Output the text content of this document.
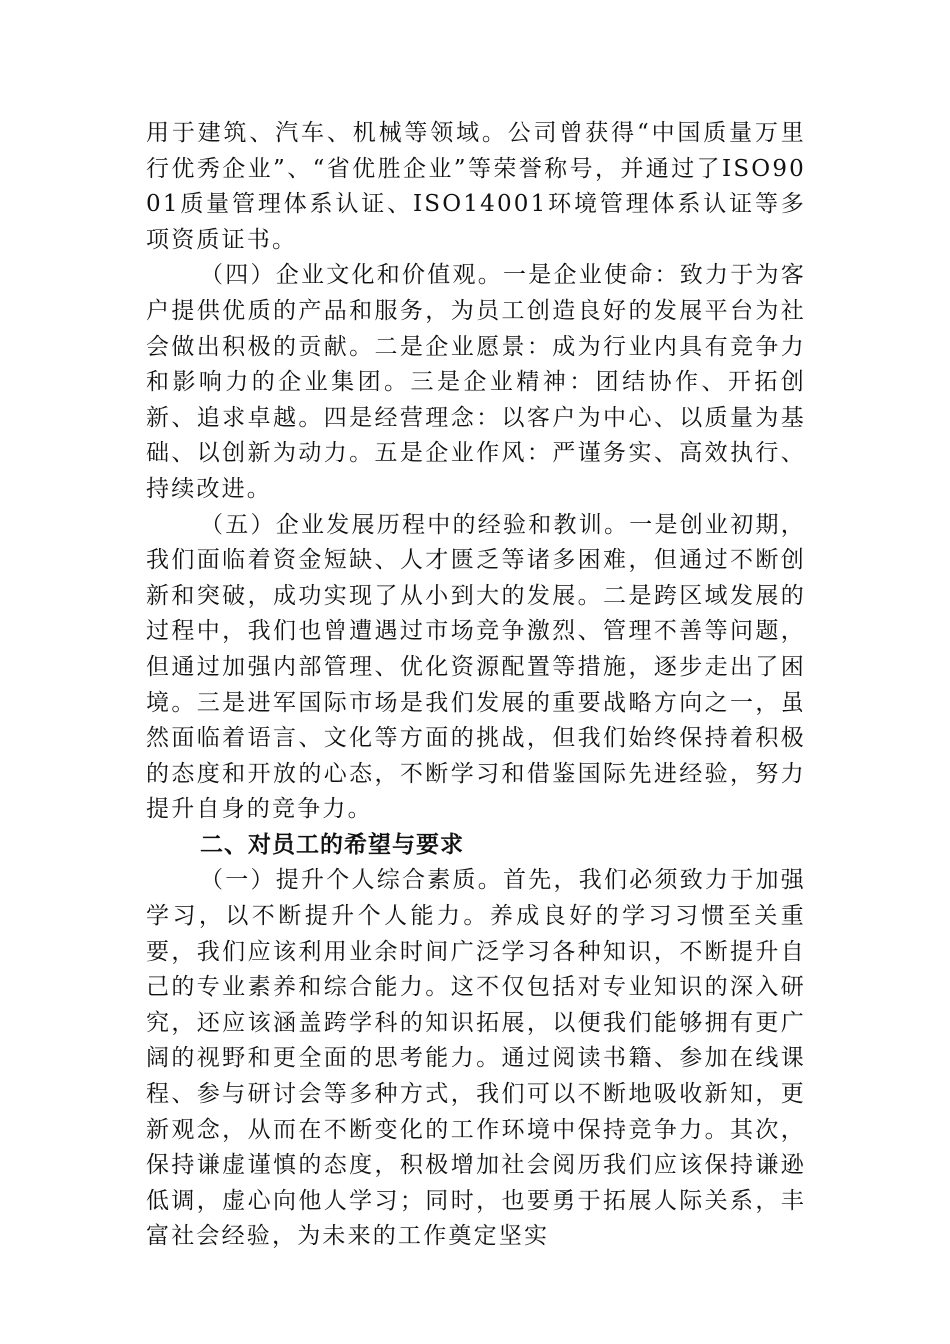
用于建筑、汽车、机械等领域。公司曾获得“中国质量万里行优秀企业”、“省优胜企业”等荣誉称号，并通过了ISO9001质量管理体系认证、ISO14001环境管理体系认证等多项资质证书。

（四）企业文化和价值观。一是企业使命：致力于为客户提供优质的产品和服务，为员工创造良好的发展平台为社会做出积极的贡献。二是企业愿景：成为行业内具有竞争力和影响力的企业集团。三是企业精神：团结协作、开拓创新、追求卓越。四是经营理念：以客户为中心、以质量为基础、以创新为动力。五是企业作风：严谨务实、高效执行、持续改进。

（五）企业发展历程中的经验和教训。一是创业初期，我们面临着资金短缺、人才匮乏等诸多困难，但通过不断创新和突破，成功实现了从小到大的发展。二是跨区域发展的过程中，我们也曾遭遇过市场竞争激烈、管理不善等问题，但通过加强内部管理、优化资源配置等措施，逐步走出了困境。三是进军国际市场是我们发展的重要战略方向之一，虽然面临着语言、文化等方面的挑战，但我们始终保持着积极的态度和开放的心态，不断学习和借鉴国际先进经验，努力提升自身的竞争力。

二、对员工的希望与要求

（一）提升个人综合素质。首先，我们必须致力于加强学习，以不断提升个人能力。养成良好的学习习惯至关重要，我们应该利用业余时间广泛学习各种知识，不断提升自己的专业素养和综合能力。这不仅包括对专业知识的深入研究，还应该涵盖跨学科的知识拓展，以便我们能够拥有更广阔的视野和更全面的思考能力。通过阅读书籍、参加在线课程、参与研讨会等多种方式，我们可以不断地吸收新知，更新观念，从而在不断变化的工作环境中保持竞争力。其次，保持谦虚谨慎的态度，积极增加社会阅历我们应该保持谦逊低调，虚心向他人学习；同时，也要勇于拓展人际关系，丰富社会经验，为未来的工作奠定坚实
